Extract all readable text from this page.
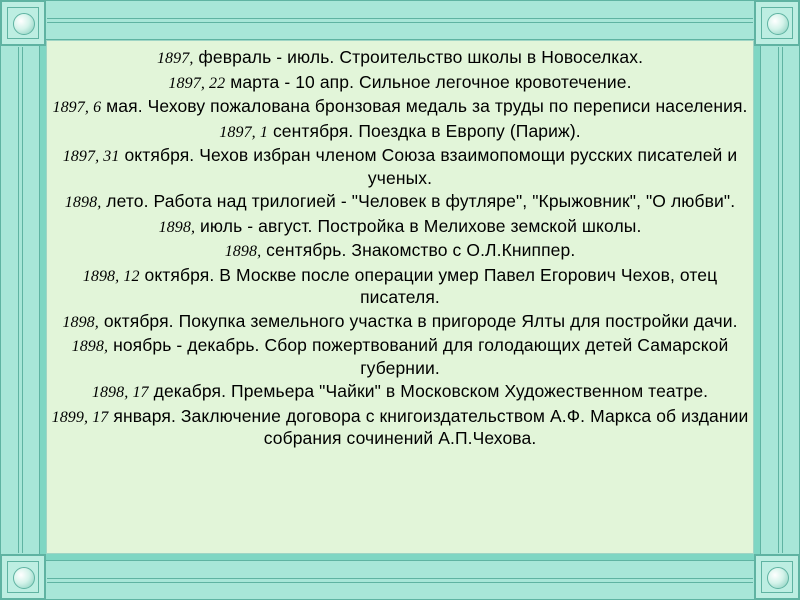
1897, февраль - июль. Строительство школы в Новоселках.

1897, 22 марта - 10 апр. Сильное легочное кровотечение.

1897, 6 мая. Чехову пожалована бронзовая медаль за труды по переписи населения.

1897, 1 сентября. Поездка в Европу (Париж).

1897, 31 октября. Чехов избран членом Союза взаимопомощи русских писателей и ученых.

1898, лето. Работа над трилогией - "Человек в футляре", "Крыжовник", "О любви".

1898, июль - август. Постройка в Мелихове земской школы.

1898, сентябрь. Знакомство с О.Л.Книппер.

1898, 12 октября. В Москве после операции умер Павел Егорович Чехов, отец писателя.

1898, октября. Покупка земельного участка в пригороде Ялты для постройки дачи.

1898, ноябрь - декабрь. Сбор пожертвований для голодающих детей Самарской губернии.

1898, 17 декабря. Премьера "Чайки" в Московском Художественном театре.

1899, 17 января. Заключение договора с книгоиздательством А.Ф. Маркса об издании собрания сочинений А.П.Чехова.
